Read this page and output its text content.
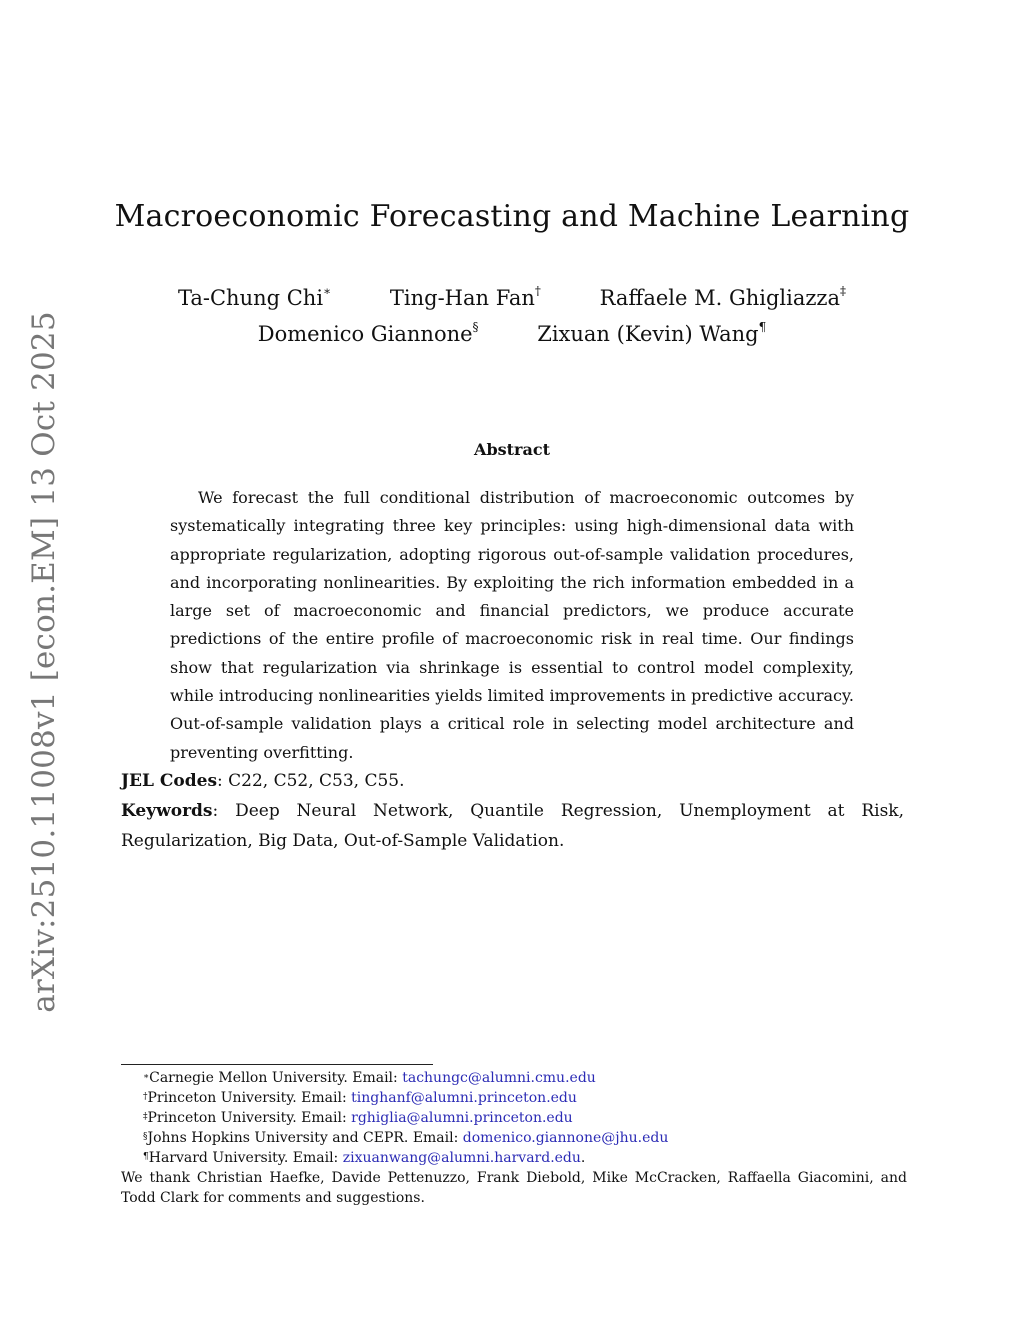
arXiv:2510.11008v1 [econ.EM] 13 Oct 2025
Macroeconomic Forecasting and Machine Learning
Ta-Chung Chi∗	Ting-Han Fan†	Raffaele M. Ghigliazza‡
Domenico Giannone§	Zixuan (Kevin) Wang¶
Abstract

We forecast the full conditional distribution of macroeconomic outcomes by systematically integrating three key principles: using high-dimensional data with appropriate regularization, adopting rigorous out-of-sample validation procedures, and incorporating nonlinearities. By exploiting the rich information embedded in a large set of macroeconomic and financial predictors, we produce accurate predictions of the entire profile of macroeconomic risk in real time. Our findings show that regularization via shrinkage is essential to control model complexity, while introducing nonlinearities yields limited improvements in predictive accuracy. Out-of-sample validation plays a critical role in selecting model architecture and preventing overfitting.

JEL Codes: C22, C52, C53, C55.

Keywords: Deep Neural Network, Quantile Regression, Unemployment at Risk, Regularization, Big Data, Out-of-Sample Validation.

∗Carnegie Mellon University. Email: tachungc@alumni.cmu.edu
†Princeton University. Email: tinghanf@alumni.princeton.edu
‡Princeton University. Email: rghiglia@alumni.princeton.edu
§Johns Hopkins University and CEPR. Email: domenico.giannone@jhu.edu
¶Harvard University. Email: zixuanwang@alumni.harvard.edu.

We thank Christian Haefke, Davide Pettenuzzo, Frank Diebold, Mike McCracken, Raffaella Giacomini, and Todd Clark for comments and suggestions.
